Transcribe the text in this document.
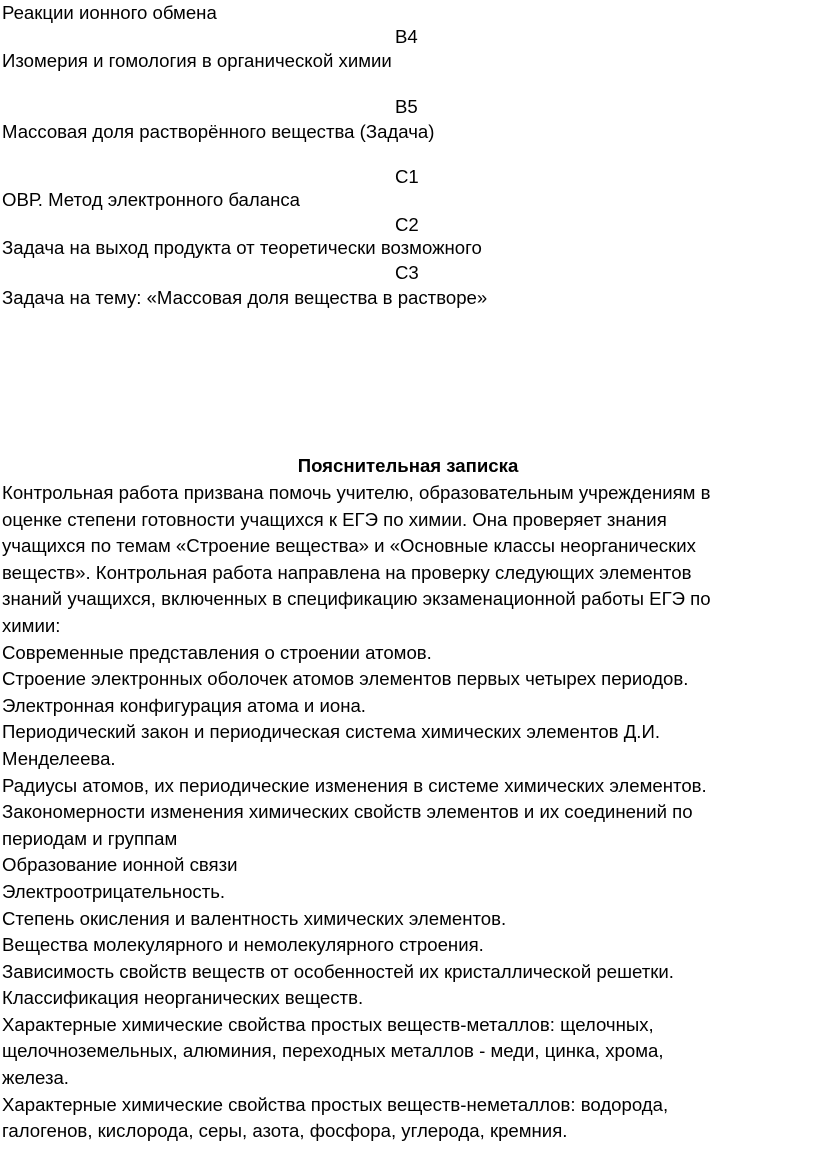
Реакции ионного обмена
В4
Изомерия и гомология в органической химии
В5
Массовая доля растворённого вещества (Задача)
С1
ОВР. Метод электронного баланса
С2
Задача на выход продукта от теоретически возможного
С3
Задача на тему: «Массовая доля вещества в растворе»
Пояснительная записка
Контрольная работа призвана помочь учителю, образовательным учреждениям в
оценке степени готовности учащихся к ЕГЭ по химии. Она проверяет знания
учащихся по темам «Строение вещества» и «Основные классы неорганических
веществ». Контрольная работа направлена на проверку следующих элементов
знаний учащихся, включенных в спецификацию экзаменационной работы ЕГЭ по
химии:
Современные представления о строении атомов.
Строение электронных оболочек атомов элементов первых четырех периодов.
Электронная конфигурация атома и иона.
Периодический закон и периодическая система химических элементов Д.И.
Менделеева.
Радиусы атомов, их периодические изменения в системе химических элементов.
Закономерности изменения химических свойств элементов и их соединений по
периодам и группам
Образование ионной связи
Электроотрицательность.
Степень окисления и валентность химических элементов.
Вещества молекулярного и немолекулярного строения.
Зависимость свойств веществ от особенностей их кристаллической решетки.
Классификация неорганических веществ.
Характерные химические свойства простых веществ-металлов: щелочных,
щелочноземельных, алюминия, переходных металлов - меди, цинка, хрома,
железа.
Характерные химические свойства простых веществ-неметаллов: водорода,
галогенов, кислорода, серы, азота, фосфора, углерода, кремния.
